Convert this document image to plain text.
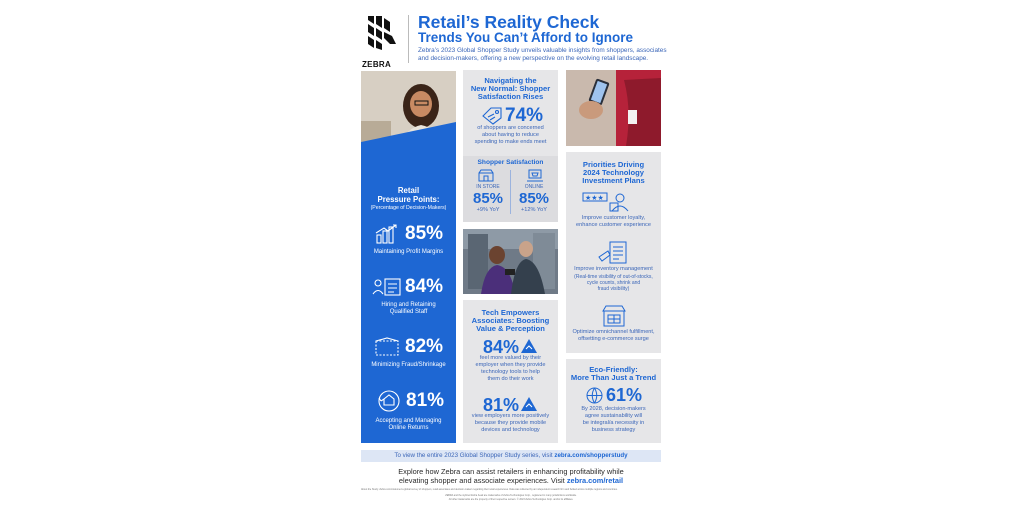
ZEBRA
Retail’s Reality Check
Trends You Can’t Afford to Ignore
Zebra’s 2023 Global Shopper Study unveils valuable insights from shoppers, associates
and decision-makers, offering a new perspective on the evolving retail landscape.
Retail
Pressure Points:
(Percentage of Decision-Makers)
85%
Maintaining Profit Margins
84%
Hiring and Retaining
Qualified Staff
82%
Minimizing Fraud/Shrinkage
81%
Accepting and Managing
Online Returns
Navigating the
New Normal: Shopper
Satisfaction Rises
74%
of shoppers are concerned
about having to reduce
spending to make ends meet
Shopper Satisfaction
IN STORE
85%
+9% YoY
ONLINE
85%
+12% YoY
Tech Empowers
Associates: Boosting
Value & Perception
84%
feel more valued by their
employer when they provide
technology tools to help
them do their work
81%
view employers more positively
because they provide mobile
devices and technology
Priorities Driving
2024 Technology
Investment Plans
★★★
Improve customer loyalty,
enhance customer experience
Improve inventory management
(Real-time visibility of out-of-stocks,
cycle counts, shrink and
fraud visibility)
Optimize omnichannel fulfillment,
offsetting e-commerce surge
Eco-Friendly:
More Than Just a Trend
61%
By 2028, decision-makers
agree sustainability will
be integral/a necessity in
business strategy
To view the entire 2023 Global Shopper Study series, visit zebra.com/shopperstudy
Explore how Zebra can assist retailers in enhancing profitability while
elevating shopper and associate experiences. Visit zebra.com/retail
About the Study: Zebra commissioned a global survey of shoppers, retail associates and decision-makers regarding their retail experiences. Data was collected by an independent research firm and fielded across multiple regions and countries.
ZEBRA and the stylized Zebra head are trademarks of Zebra Technologies Corp., registered in many jurisdictions worldwide.
All other trademarks are the property of their respective owners. © 2023 Zebra Technologies Corp. and/or its affiliates.
